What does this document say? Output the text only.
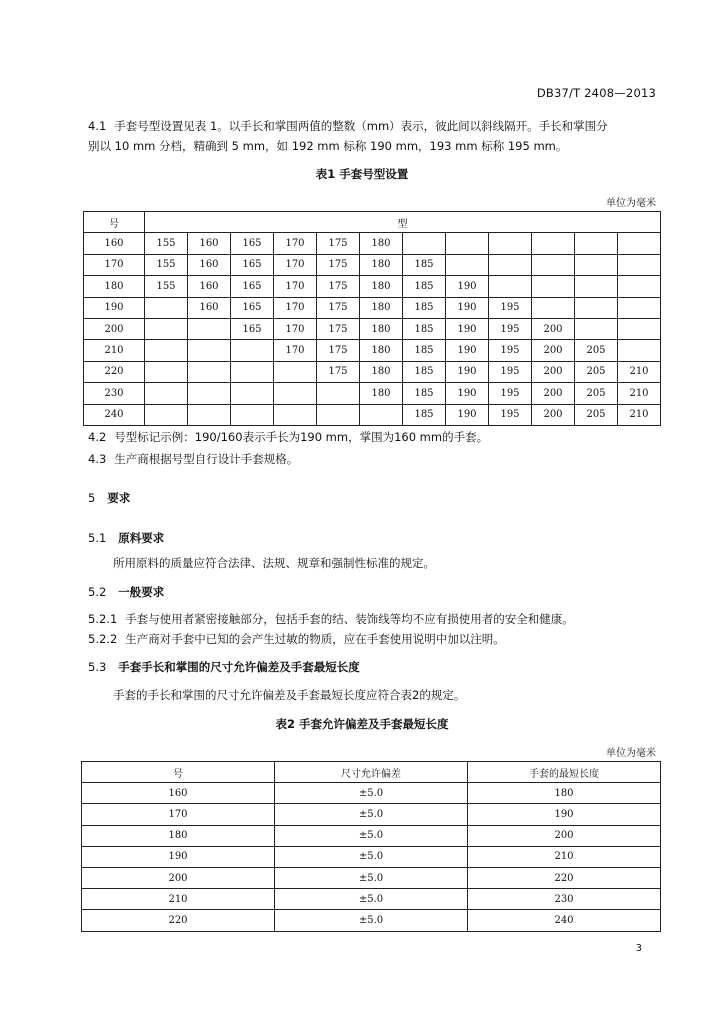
DB37/T 2408—2013
4.1 手套号型设置见表 1。以手长和掌围两值的整数（mm）表示，彼此间以斜线隔开。手长和掌围分
别以 10 mm 分档，精确到 5 mm，如 192 mm 标称 190 mm，193 mm 标称 195 mm。
表1 手套号型设置
单位为毫米
号	型											
160	155	160	165	170	175	180						
170	155	160	165	170	175	180	185					
180	155	160	165	170	175	180	185	190				
190		160	165	170	175	180	185	190	195			
200			165	170	175	180	185	190	195	200		
210				170	175	180	185	190	195	200	205	
220					175	180	185	190	195	200	205	210
230						180	185	190	195	200	205	210
240							185	190	195	200	205	210
4.2 号型标记示例：190/160表示手长为190 mm，掌围为160 mm的手套。
4.3 生产商根据号型自行设计手套规格。
5 要求
5.1 原料要求
所用原料的质量应符合法律、法规、规章和强制性标准的规定。
5.2 一般要求
5.2.1 手套与使用者紧密接触部分，包括手套的结、装饰线等均不应有损使用者的安全和健康。
5.2.2 生产商对手套中已知的会产生过敏的物质，应在手套使用说明中加以注明。
5.3 手套手长和掌围的尺寸允许偏差及手套最短长度
手套的手长和掌围的尺寸允许偏差及手套最短长度应符合表2的规定。
表2 手套允许偏差及手套最短长度
单位为毫米
号	尺寸允许偏差	手套的最短长度
160	±5.0	180
170	±5.0	190
180	±5.0	200
190	±5.0	210
200	±5.0	220
210	±5.0	230
220	±5.0	240
3
